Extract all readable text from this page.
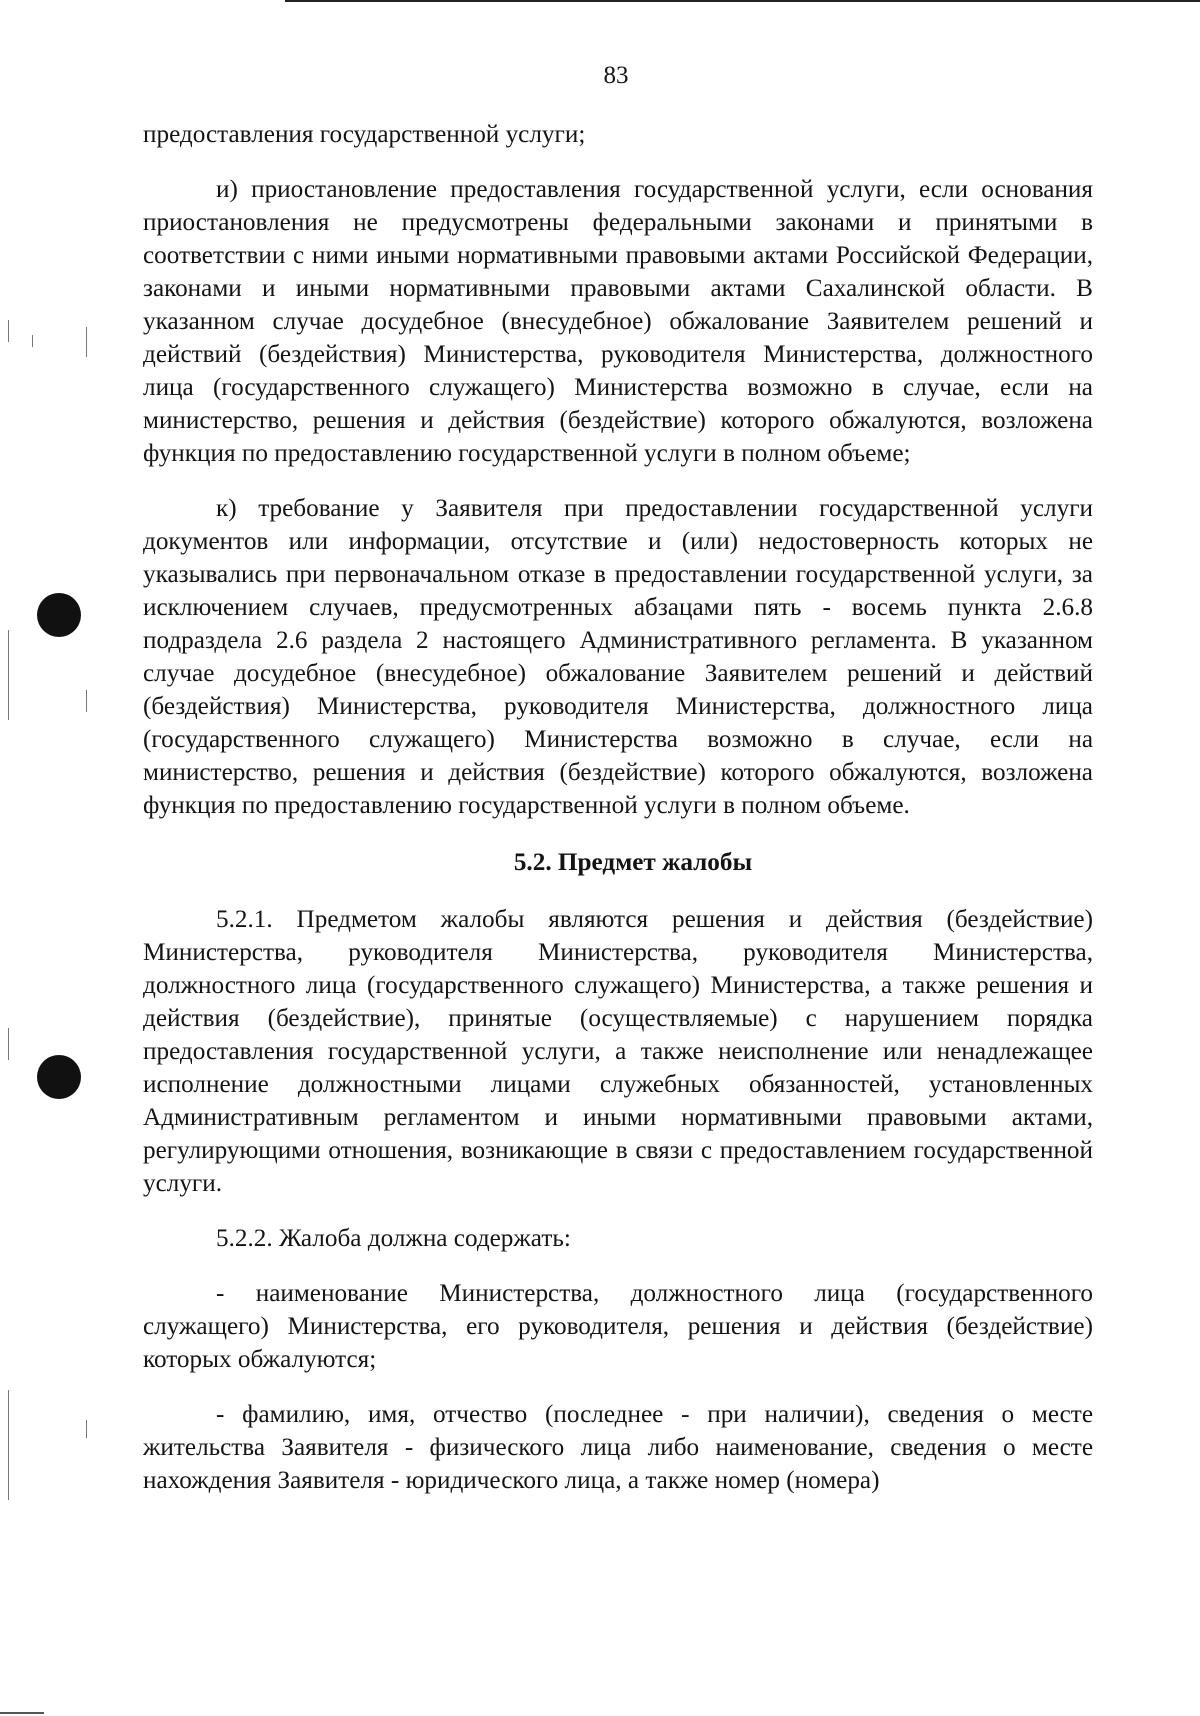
83

предоставления государственной услуги;

и) приостановление предоставления государственной услуги, если основания приостановления не предусмотрены федеральными законами и принятыми в соответствии с ними иными нормативными правовыми актами Российской Федерации, законами и иными нормативными правовыми актами Сахалинской области. В указанном случае досудебное (внесудебное) обжалование Заявителем решений и действий (бездействия) Министерства, руководителя Министерства, должностного лица (государственного служащего) Министерства возможно в случае, если на министерство, решения и действия (бездействие) которого обжалуются, возложена функция по предоставлению государственной услуги в полном объеме;

к) требование у Заявителя при предоставлении государственной услуги документов или информации, отсутствие и (или) недостоверность которых не указывались при первоначальном отказе в предоставлении государственной услуги, за исключением случаев, предусмотренных абзацами пять - восемь пункта 2.6.8 подраздела 2.6 раздела 2 настоящего Административного регламента. В указанном случае досудебное (внесудебное) обжалование Заявителем решений и действий (бездействия) Министерства, руководителя Министерства, должностного лица (государственного служащего) Министерства возможно в случае, если на министерство, решения и действия (бездействие) которого обжалуются, возложена функция по предоставлению государственной услуги в полном объеме.

5.2. Предмет жалобы

5.2.1. Предметом жалобы являются решения и действия (бездействие) Министерства, руководителя Министерства, руководителя Министерства, должностного лица (государственного служащего) Министерства, а также решения и действия (бездействие), принятые (осуществляемые) с нарушением порядка предоставления государственной услуги, а также неисполнение или ненадлежащее исполнение должностными лицами служебных обязанностей, установленных Административным регламентом и иными нормативными правовыми актами, регулирующими отношения, возникающие в связи с предоставлением государственной услуги.

5.2.2. Жалоба должна содержать:

- наименование Министерства, должностного лица (государственного служащего) Министерства, его руководителя, решения и действия (бездействие) которых обжалуются;

- фамилию, имя, отчество (последнее - при наличии), сведения о месте жительства Заявителя - физического лица либо наименование, сведения о месте нахождения Заявителя - юридического лица, а также номер (номера)
